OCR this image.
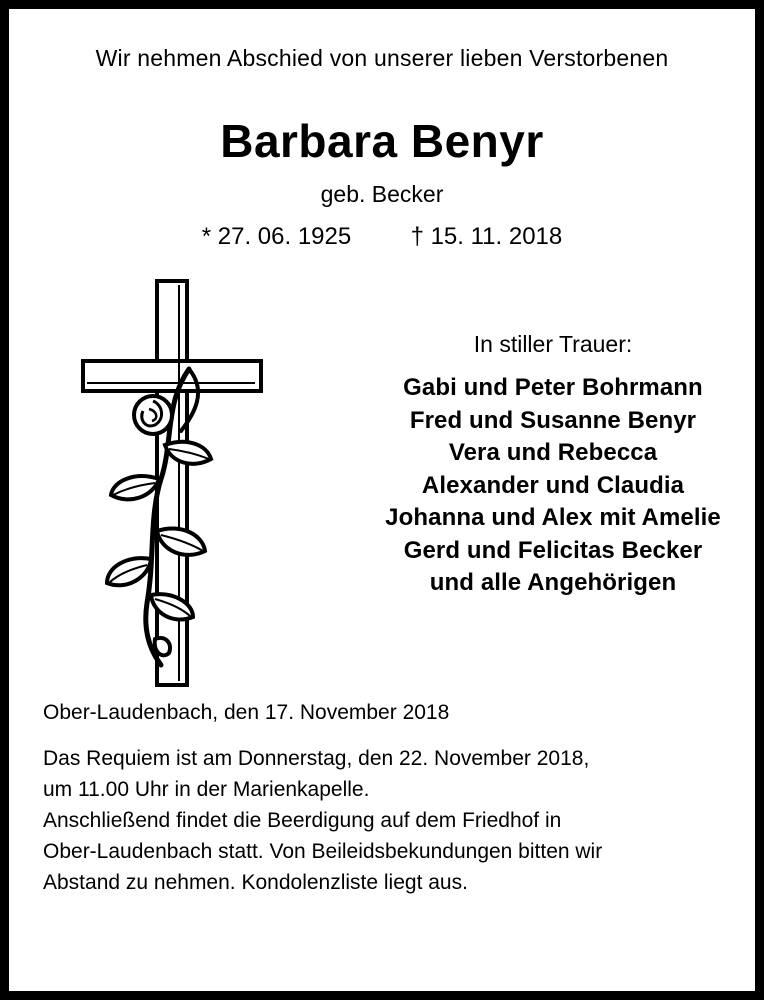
Wir nehmen Abschied von unserer lieben Verstorbenen
Barbara Benyr
geb. Becker
* 27. 06. 1925 † 15. 11. 2018
In stiller Trauer:
Gabi und Peter Bohrmann
Fred und Susanne Benyr
Vera und Rebecca
Alexander und Claudia
Johanna und Alex mit Amelie
Gerd und Felicitas Becker
und alle Angehörigen
Ober-Laudenbach, den 17. November 2018
Das Requiem ist am Donnerstag, den 22. November 2018,
um 11.00 Uhr in der Marienkapelle.
Anschließend findet die Beerdigung auf dem Friedhof in
Ober-Laudenbach statt. Von Beileidsbekundungen bitten wir
Abstand zu nehmen. Kondolenzliste liegt aus.
